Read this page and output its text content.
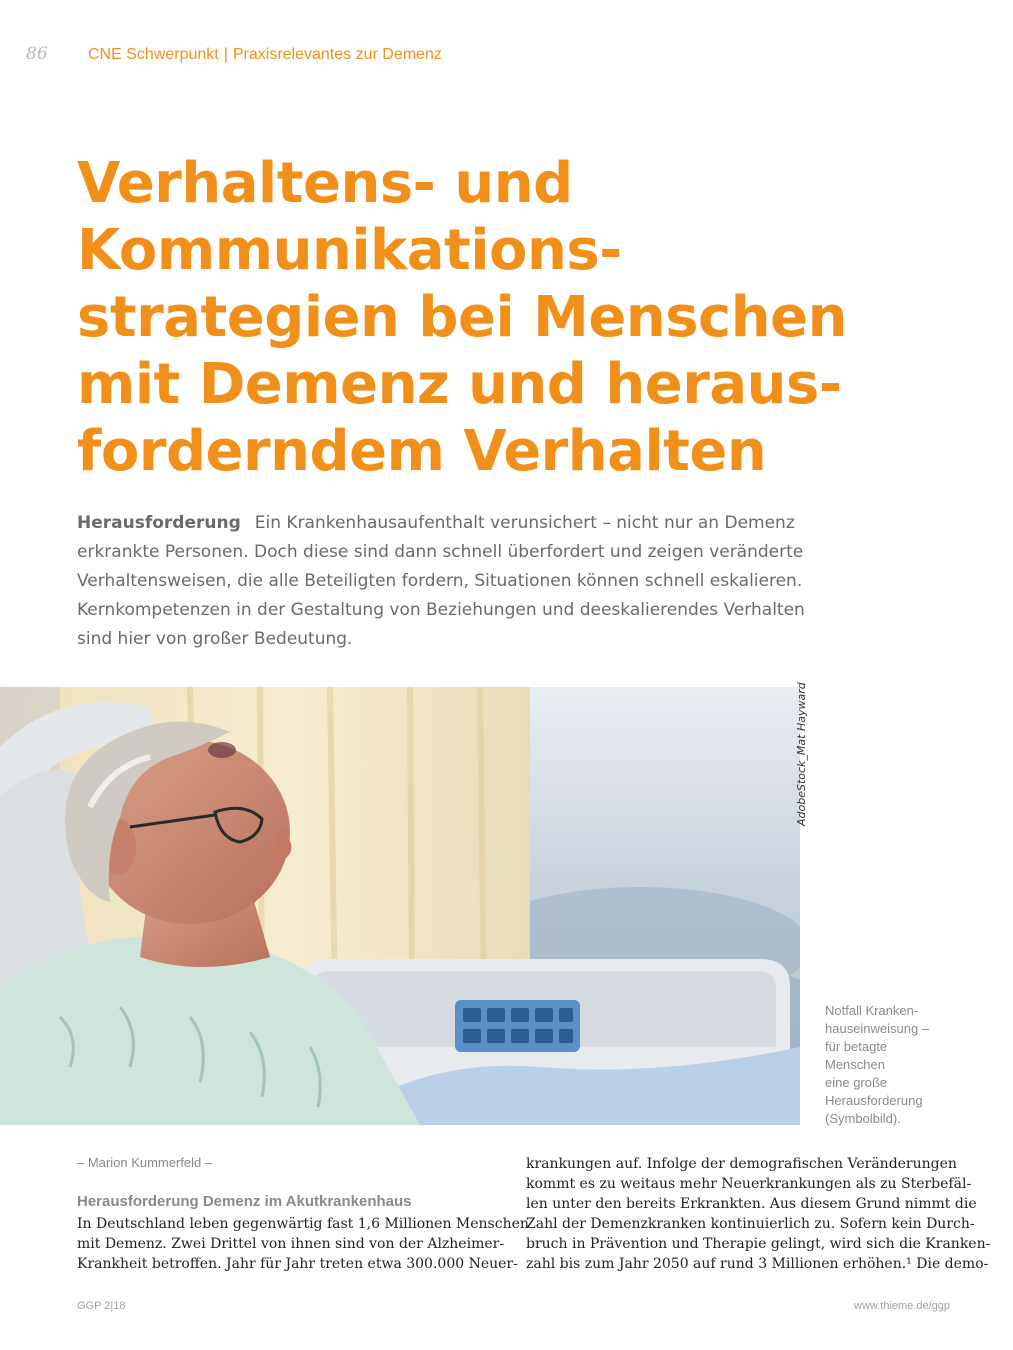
86	CNE Schwerpunkt | Praxisrelevantes zur Demenz
Verhaltens- und
Kommunikations-
strategien bei Menschen
mit Demenz und heraus-
forderndem Verhalten
Herausforderung Ein Krankenhausaufenthalt verunsichert – nicht nur an Demenz
erkrankte Personen. Doch diese sind dann schnell überfordert und zeigen veränderte
Verhaltensweisen, die alle Beteiligten fordern, Situationen können schnell eskalieren.
Kernkompetenzen in der Gestaltung von Beziehungen und deeskalierendes Verhalten
sind hier von großer Bedeutung.
AdobeStock_Mat Hayward
Notfall Kranken-
hauseinweisung –
für betagte
Menschen
eine große
Herausforderung
(Symbolbild).
– Marion Kummerfeld –
Herausforderung Demenz im Akutkrankenhaus
In Deutschland leben gegenwärtig fast 1,6 Millionen Menschen
mit Demenz. Zwei Drittel von ihnen sind von der Alzheimer-
Krankheit betroffen. Jahr für Jahr treten etwa 300.000 Neuer-
krankungen auf. Infolge der demografischen Veränderungen
kommt es zu weitaus mehr Neuerkrankungen als zu Sterbefäl-
len unter den bereits Erkrankten. Aus diesem Grund nimmt die
Zahl der Demenzkranken kontinuierlich zu. Sofern kein Durch-
bruch in Prävention und Therapie gelingt, wird sich die Kranken-
zahl bis zum Jahr 2050 auf rund 3 Millionen erhöhen.¹ Die demo-
GGP 2|18	www.thieme.de/ggp
